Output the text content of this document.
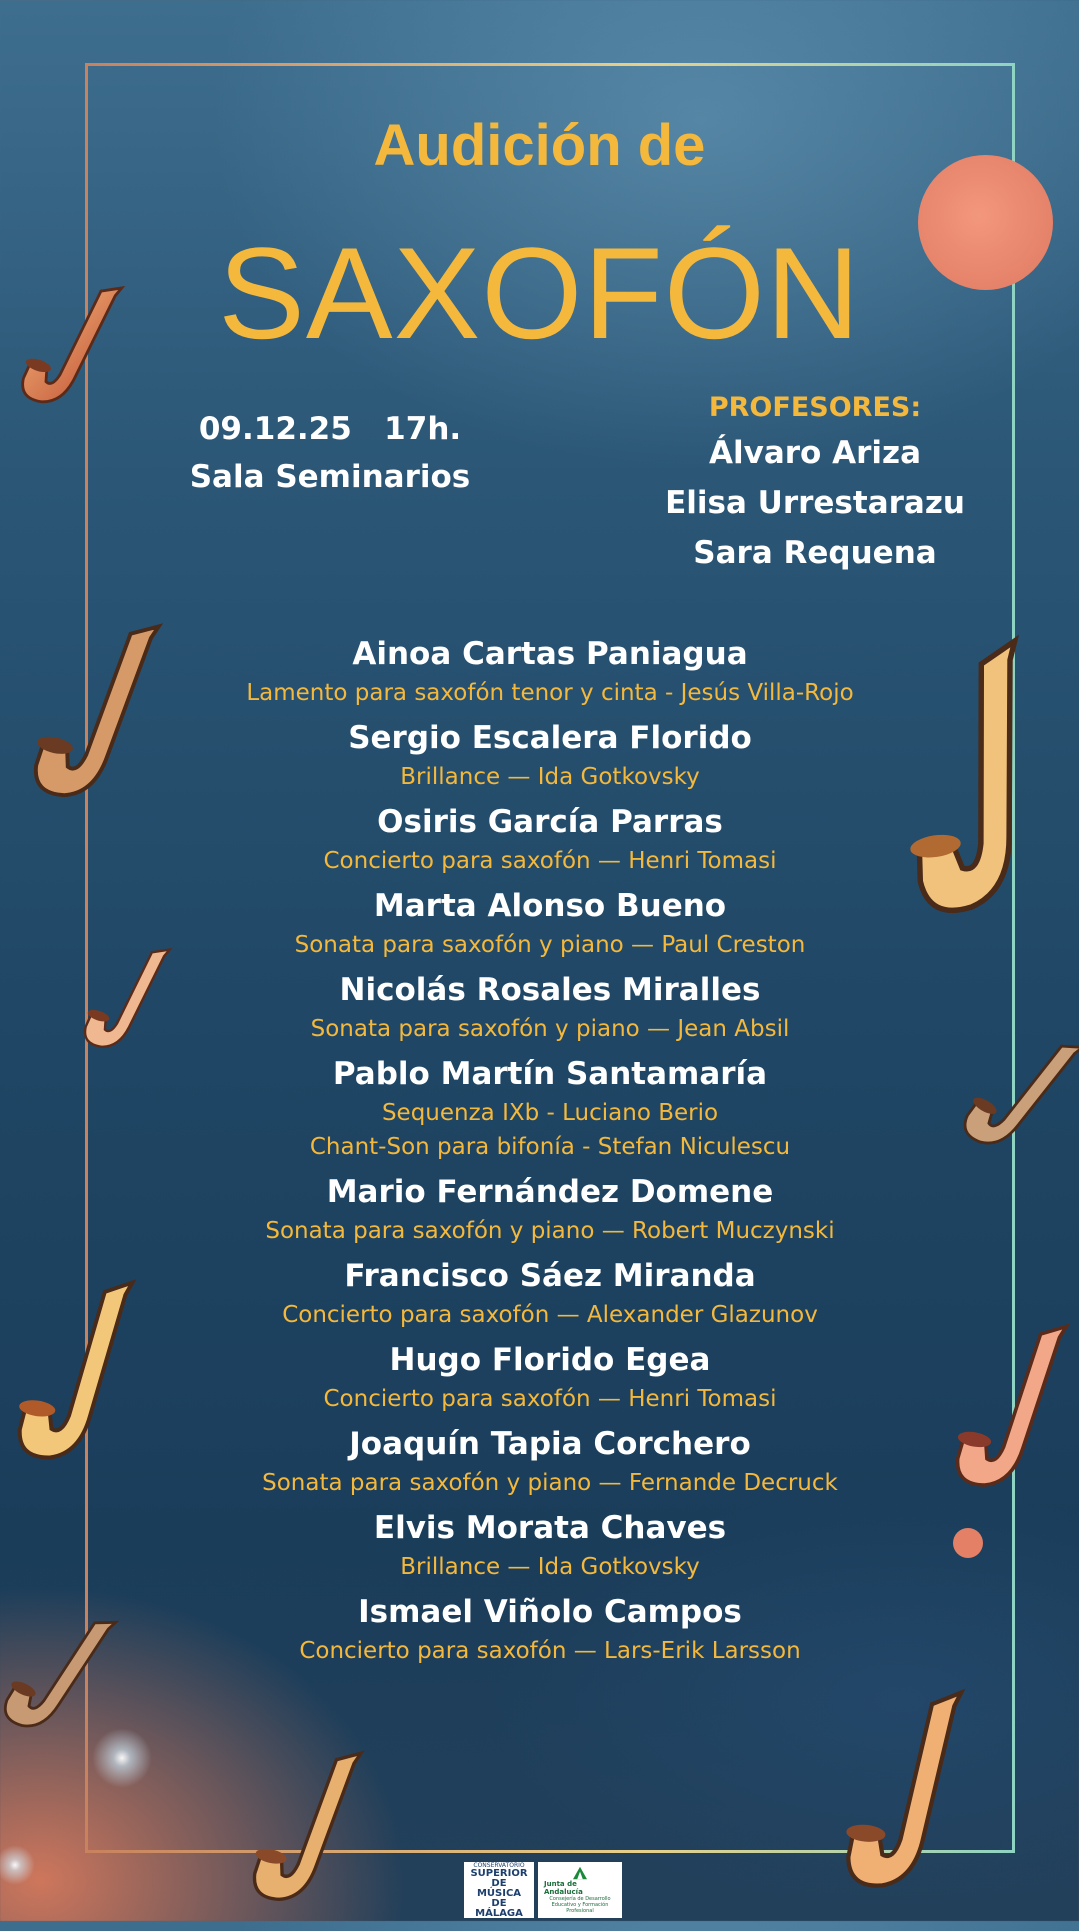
Audición de
SAXOFÓN
09.12.25   17h.
Sala Seminarios
PROFESORES:
Álvaro Ariza
Elisa Urrestarazu
Sara Requena
Ainoa Cartas Paniagua
Lamento para saxofón tenor y cinta - Jesús Villa-Rojo
Sergio Escalera Florido
Brillance — Ida Gotkovsky
Osiris García Parras
Concierto para saxofón — Henri Tomasi
Marta Alonso Bueno
Sonata para saxofón y piano — Paul Creston
Nicolás Rosales Miralles
Sonata para saxofón y piano — Jean Absil
Pablo Martín Santamaría
Sequenza IXb - Luciano Berio
Chant-Son para bifonía - Stefan Niculescu
Mario Fernández Domene
Sonata para saxofón y piano — Robert Muczynski
Francisco Sáez Miranda
Concierto para saxofón — Alexander Glazunov
Hugo Florido Egea
Concierto para saxofón — Henri Tomasi
Joaquín Tapia Corchero
Sonata para saxofón y piano — Fernande Decruck
Elvis Morata Chaves
Brillance — Ida Gotkovsky
Ismael Viñolo Campos
Concierto para saxofón — Lars-Erik Larsson
CONSERVATORIO
SUPERIOR DE MÚSICA DE MÁLAGA
Junta de Andalucía
Consejería de Desarrollo Educativo y Formación Profesional
